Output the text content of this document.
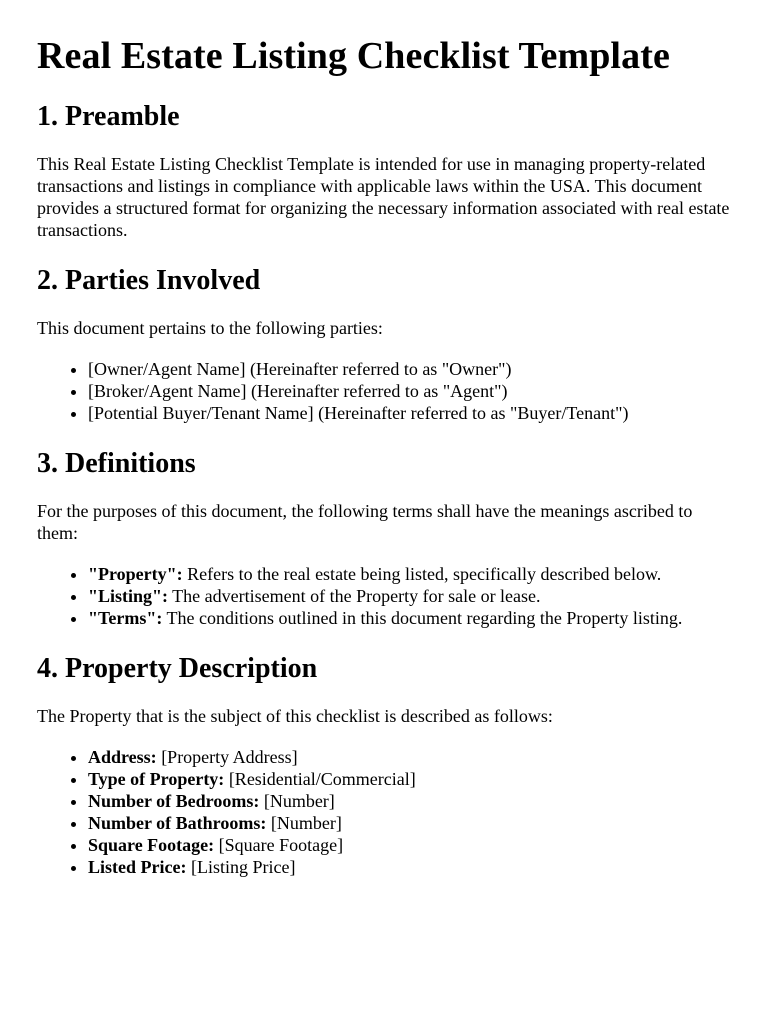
Real Estate Listing Checklist Template
1. Preamble

This Real Estate Listing Checklist Template is intended for use in managing property-related transactions and listings in compliance with applicable laws within the USA. This document provides a structured format for organizing the necessary information associated with real estate transactions.

2. Parties Involved

This document pertains to the following parties:

• [Owner/Agent Name] (Hereinafter referred to as "Owner")
• [Broker/Agent Name] (Hereinafter referred to as "Agent")
• [Potential Buyer/Tenant Name] (Hereinafter referred to as "Buyer/Tenant")
3. Definitions

For the purposes of this document, the following terms shall have the meanings ascribed to them:

• "Property": Refers to the real estate being listed, specifically described below.
• "Listing": The advertisement of the Property for sale or lease.
• "Terms": The conditions outlined in this document regarding the Property listing.
4. Property Description

The Property that is the subject of this checklist is described as follows:

• Address: [Property Address]
• Type of Property: [Residential/Commercial]
• Number of Bedrooms: [Number]
• Number of Bathrooms: [Number]
• Square Footage: [Square Footage]
• Listed Price: [Listing Price]
